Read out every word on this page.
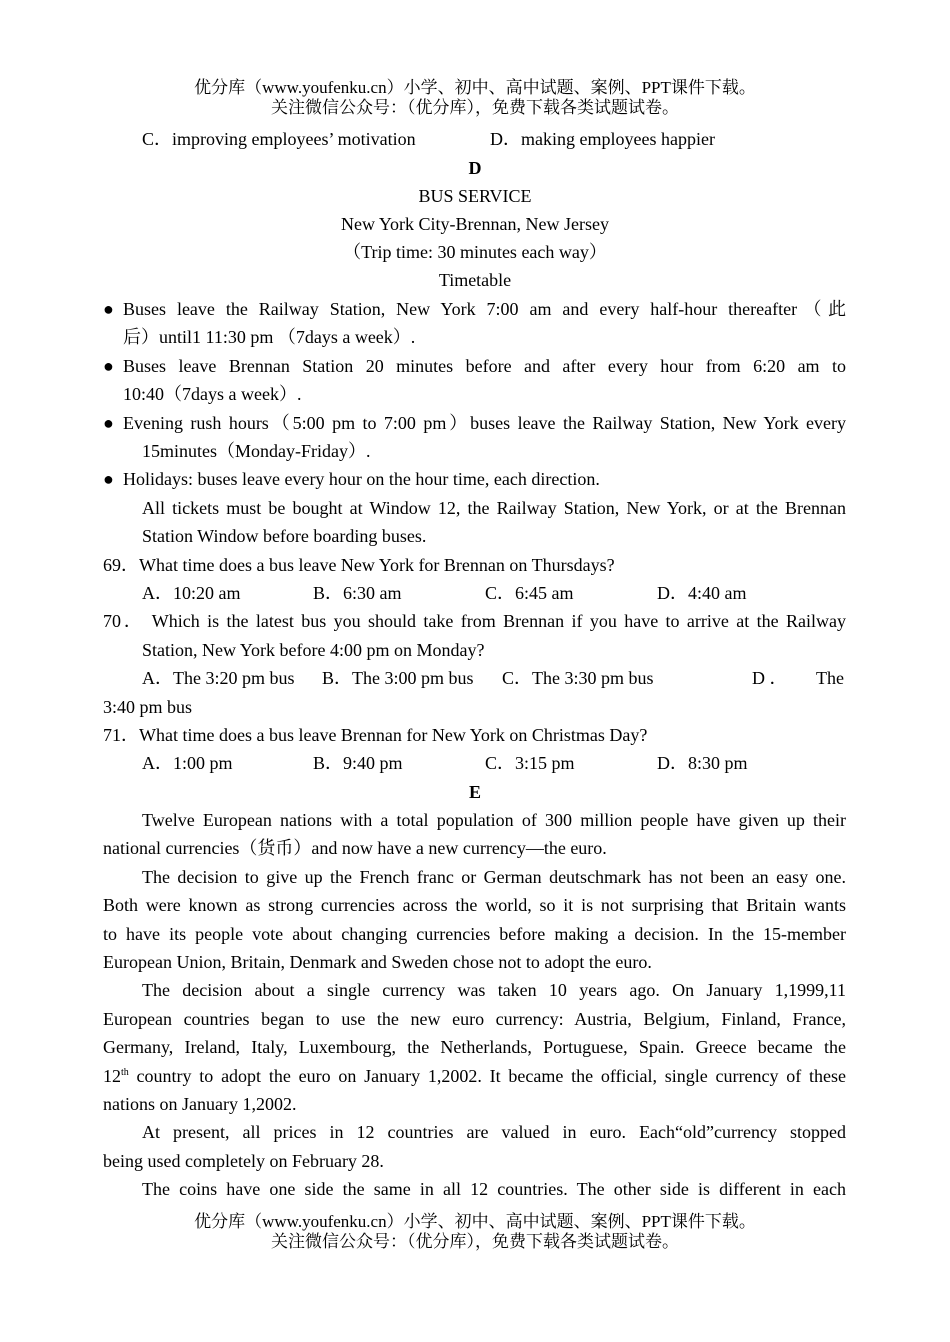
优分库（www.youfenku.cn）小学、初中、高中试题、案例、PPT课件下载。
关注微信公众号：（优分库），免费下载各类试题试卷。
C．improving employees’ motivation	D．making employees happier
D
BUS SERVICE
New York City-Brennan, New Jersey
（Trip time: 30 minutes each way）
Timetable
● Buses leave the Railway Station, New York 7:00 am and every half-hour thereafter（此
后）until1 11:30 pm （7days a week）.
● Buses leave Brennan Station 20 minutes before and after every hour from 6:20 am to
10:40（7days a week）.
● Evening rush hours（5:00 pm to 7:00 pm）buses leave the Railway Station, New York every
15minutes（Monday-Friday）.
● Holidays: buses leave every hour on the hour time, each direction.
All tickets must be bought at Window 12, the Railway Station, New York, or at the Brennan
Station Window before boarding buses.
69．What time does a bus leave New York for Brennan on Thursdays?
A．10:20 am	B．6:30 am	C．6:45 am	D．4:40 am
70． Which is the latest bus you should take from Brennan if you have to arrive at the Railway
Station, New York before 4:00 pm on Monday?
A．The 3:20 pm bus B．The 3:00 pm bus C．The 3:30 pm bus	D ． The
3:40 pm bus
71．What time does a bus leave Brennan for New York on Christmas Day?
A．1:00 pm	B．9:40 pm	C．3:15 pm	D．8:30 pm
E
Twelve European nations with a total population of 300 million people have given up their
national currencies（货币）and now have a new currency—the euro.
The decision to give up the French franc or German deutschmark has not been an easy one.
Both were known as strong currencies across the world, so it is not surprising that Britain wants
to have its people vote about changing currencies before making a decision. In the 15-member
European Union, Britain, Denmark and Sweden chose not to adopt the euro.
The decision about a single currency was taken 10 years ago. On January 1,1999,11
European countries began to use the new euro currency: Austria, Belgium, Finland, France,
Germany, Ireland, Italy, Luxembourg, the Netherlands, Portuguese, Spain. Greece became the
12th country to adopt the euro on January 1,2002. It became the official, single currency of these
nations on January 1,2002.
At present, all prices in 12 countries are valued in euro. Each“old”currency stopped
being used completely on February 28.
The coins have one side the same in all 12 countries. The other side is different in each
优分库（www.youfenku.cn）小学、初中、高中试题、案例、PPT课件下载。
关注微信公众号：（优分库），免费下载各类试题试卷。
